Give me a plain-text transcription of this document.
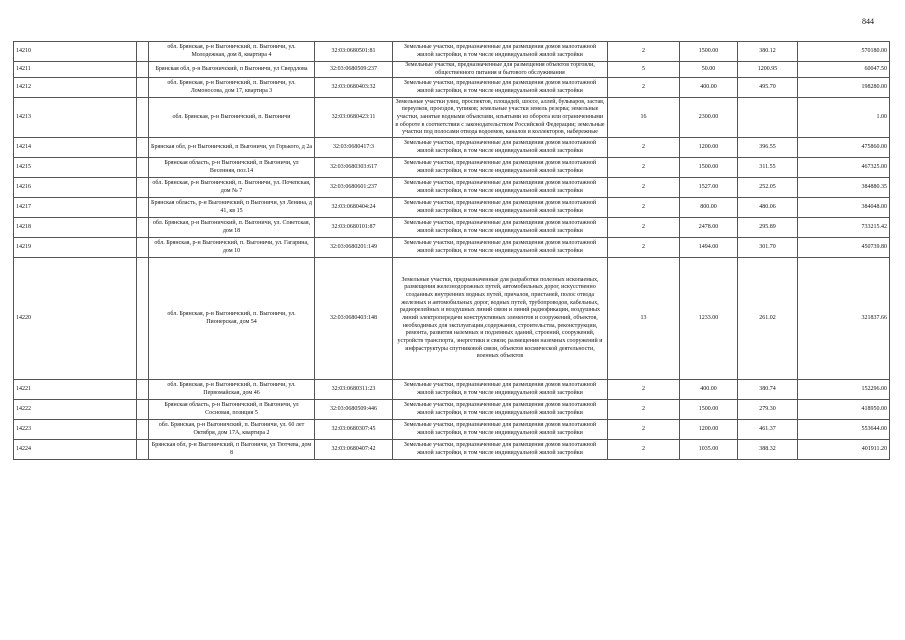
844
14210		обл. Брянская, р-н Выгоничский, п. Выгоничи, ул. Молодежная, дом 8, квартира 4	32:03:0680501:81	Земельные участки, предназначенные для размещения домов малоэтажной жилой застройки, в том числе индивидуальной жилой застройки	2	1500.00	380.12	570180.00
14211		Брянская обл, р-н Выгоничский, п Выгоничи, ул Свердлова	32:03:0680509:237	Земельные участки, предназначенные для размещения объектов торговли, общественного питания и бытового обслуживания	5	50.00	1200.95	60047.50
14212		обл. Брянская, р-н Выгоничский, п. Выгоничи, ул. Ломоносова, дом 17, квартира 3	32:03:0680403:32	Земельные участки, предназначенные для размещения домов малоэтажной жилой застройки, в том числе индивидуальной жилой застройки	2	400.00	495.70	198280.00
14213		обл. Брянская, р-н Выгоничский, п. Выгоничи	32:03:0680423:11	Земельные участки улиц, проспектов, площадей, шоссе, аллей, бульваров, застав, переулков, проездов, тупиков; земельные участки земель резерва; земельные участки, занятые водными объектами, изъятыми из оборота или ограниченными в обороте в соответствии с законодательством Российской Федерации; земельные участки под полосами отвода водоемов, каналов и коллекторов, набережные	16	2300.00		1.00
14214		Брянская обл, р-н Выгоничский, п Выгоничи, ул Горького, д 2а	32:03:0680417:3	Земельные участки, предназначенные для размещения домов малоэтажной жилой застройки, в том числе индивидуальной жилой застройки	2	1200.00	396.55	475860.00
14215		Брянская область, р-н Выгоничский, п Выгоничи, ул Весенняя, поз.14	32:03:0680303:617	Земельные участки, предназначенные для размещения домов малоэтажной жилой застройки, в том числе индивидуальной жилой застройки	2	1500.00	311.55	467325.00
14216		обл. Брянская, р-н Выгоничский, п. Выгоничи, ул. Почепская, дом № 7	32:03:0680601:237	Земельные участки, предназначенные для размещения домов малоэтажной жилой застройки, в том числе индивидуальной жилой застройки	2	1527.00	252.05	384880.35
14217		Брянская область, р-н Выгоничский, п Выгоничи, ул Ленина, д 41, кв 15	32:03:0680404:24	Земельные участки, предназначенные для размещения домов малоэтажной жилой застройки, в том числе индивидуальной жилой застройки	2	800.00	480.06	384048.00
14218		обл. Брянская, р-н Выгоничский, п. Выгоничи, ул. Советская, дом 18	32:03:0680101:87	Земельные участки, предназначенные для размещения домов малоэтажной жилой застройки, в том числе индивидуальной жилой застройки	2	2478.00	295.89	733215.42
14219		обл. Брянская, р-н Выгоничский, п. Выгоничи, ул. Гагарина, дом 10	32:03:0680201:149	Земельные участки, предназначенные для размещения домов малоэтажной жилой застройки, в том числе индивидуальной жилой застройки	2	1494.00	301.70	450739.80
14220		обл. Брянская, р-н Выгоничский, п. Выгоничи, ул. Пионерская, дом 54	32:03:0680403:148	Земельные участки, предназначенные для разработки полезных ископаемых, размещения железнодорожных путей, автомобильных дорог, искусственно созданных внутренних водных путей, причалов, пристаней, полос отвода железных и автомобильных дорог, водных путей, трубопроводов, кабельных, радиорелейных и воздушных линий связи и линий радиофикации, воздушных линий электропередачи конструктивных элементов и сооружений, объектов, необходимых для эксплуатации,содержания, строительства, реконструкции, ремонта, развития наземных и подземных зданий, строений, сооружений, устройств транспорта, энергетики и связи; размещения наземных сооружений и инфраструктуры спутниковой связи, объектов космической деятельности, военных объектов	13	1233.00	261.02	321837.66
14221		обл. Брянская, р-н Выгоничский, п. Выгоничи, ул. Первомайская, дом 46	32:03:0680311:23	Земельные участки, предназначенные для размещения домов малоэтажной жилой застройки, в том числе индивидуальной жилой застройки	2	400.00	380.74	152296.00
14222		Брянская область, р-н Выгоничский, п Выгоничи, ул Сосновая, позиция 5	32:03:0680509:446	Земельные участки, предназначенные для размещения домов малоэтажной жилой застройки, в том числе индивидуальной жилой застройки	2	1500.00	279.30	418950.00
14223		обл. Брянская, р-н Выгоничский, п. Выгоничи, ул. 60 лет Октября, дом 17А, квартира 2	32:03:0680307:45	Земельные участки, предназначенные для размещения домов малоэтажной жилой застройки, в том числе индивидуальной жилой застройки	2	1200.00	461.37	553644.00
14224		Брянская обл, р-н Выгоничский, п Выгоничи, ул Тютчева, дом 8	32:03:0680407:42	Земельные участки, предназначенные для размещения домов малоэтажной жилой застройки, в том числе индивидуальной жилой застройки	2	1035.00	388.32	401911.20
